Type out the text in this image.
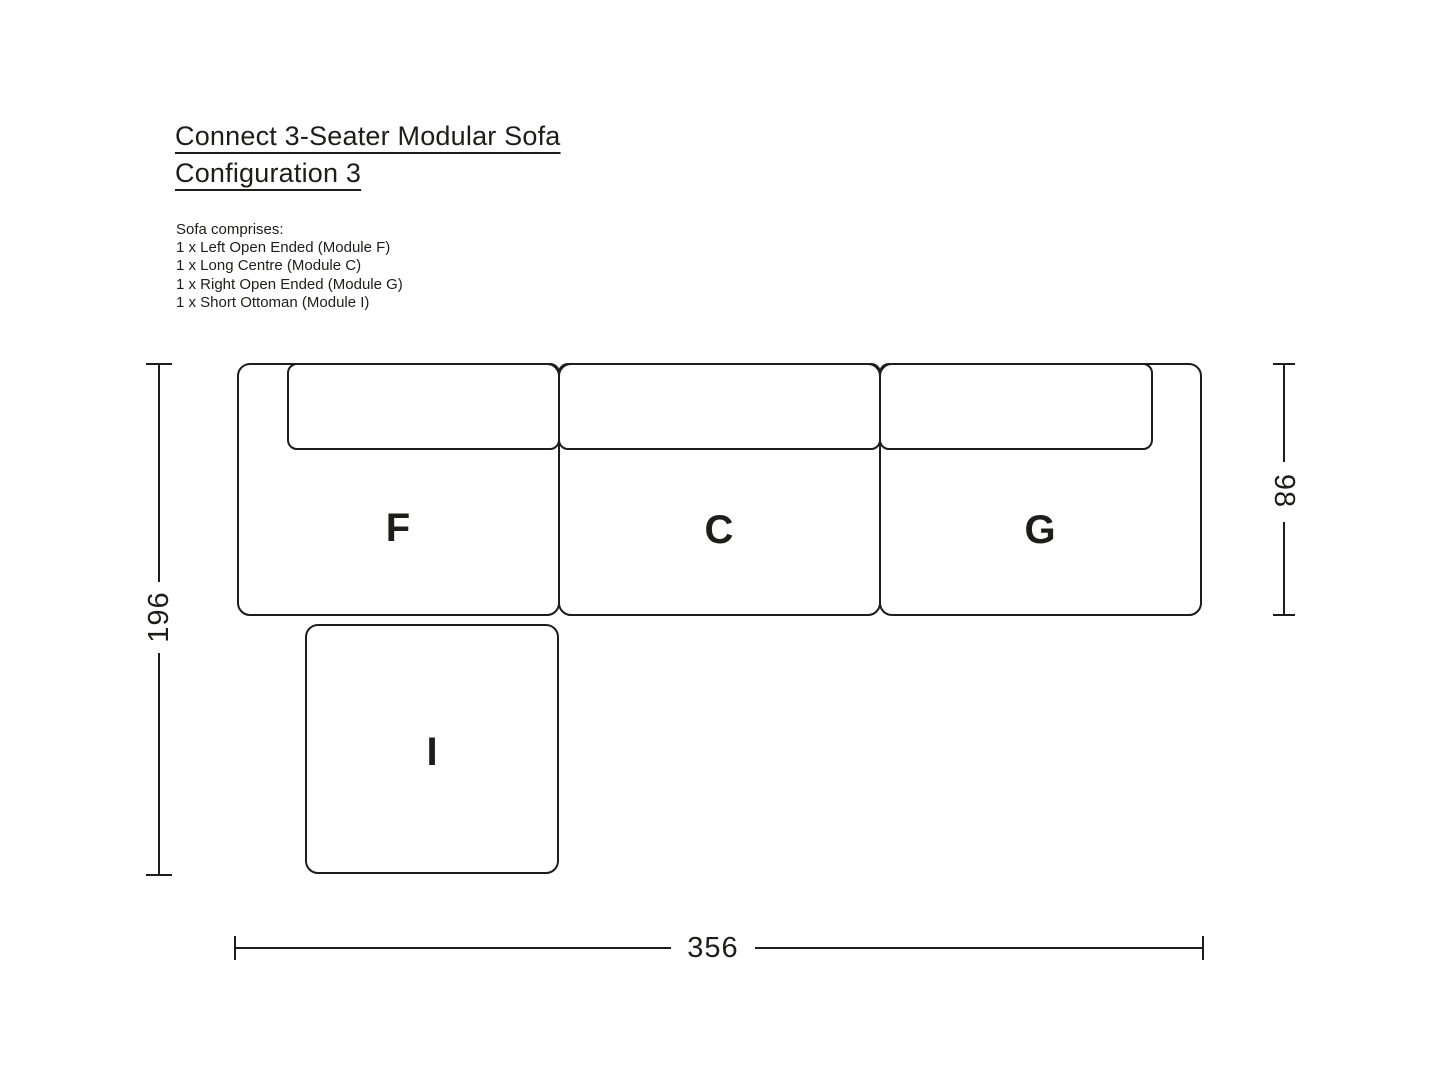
Connect 3-Seater Modular Sofa
Configuration 3
Sofa comprises:
1 x Left Open Ended (Module F)
1 x Long Centre (Module C)
1 x Right Open Ended (Module G)
1 x Short Ottoman (Module I)
F	C	G
I
196
98
356
